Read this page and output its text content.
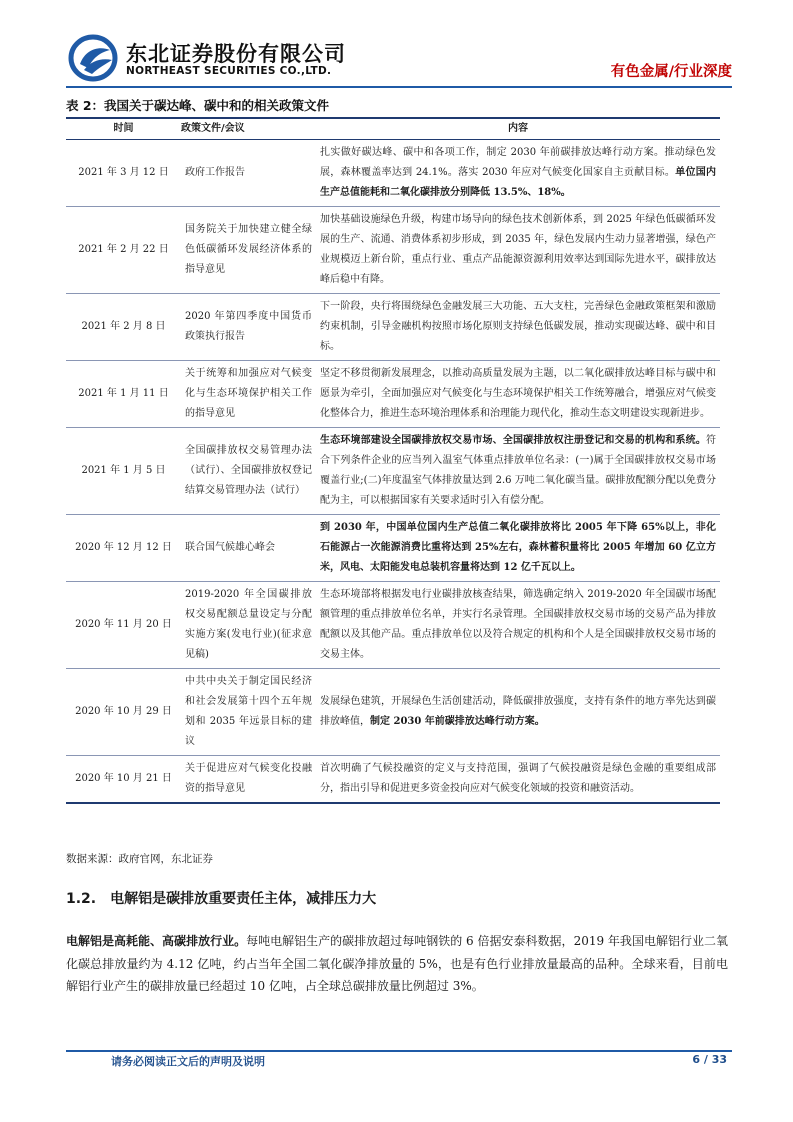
东北证券股份有限公司
NORTHEAST SECURITIES CO.,LTD.	有色金属/行业深度
表 2：我国关于碳达峰、碳中和的相关政策文件
时间	政策文件/会议	内容
2021 年 3 月 12 日	政府工作报告	扎实做好碳达峰、碳中和各项工作，制定 2030 年前碳排放达峰行动方案。推动绿色发展，森林覆盖率达到 24.1%。落实 2030 年应对气候变化国家自主贡献目标。单位国内生产总值能耗和二氧化碳排放分别降低 13.5%、18%。
2021 年 2 月 22 日	国务院关于加快建立健全绿色低碳循环发展经济体系的指导意见	加快基础设施绿色升级，构建市场导向的绿色技术创新体系，到 2025 年绿色低碳循环发展的生产、流通、消费体系初步形成，到 2035 年，绿色发展内生动力显著增强，绿色产业规模迈上新台阶，重点行业、重点产品能源资源利用效率达到国际先进水平，碳排放达峰后稳中有降。
2021 年 2 月 8 日	2020 年第四季度中国货币政策执行报告	下一阶段，央行将围绕绿色金融发展三大功能、五大支柱，完善绿色金融政策框架和激励约束机制，引导金融机构按照市场化原则支持绿色低碳发展，推动实现碳达峰、碳中和目标。
2021 年 1 月 11 日	关于统筹和加强应对气候变化与生态环境保护相关工作的指导意见	坚定不移贯彻新发展理念，以推动高质量发展为主题，以二氧化碳排放达峰目标与碳中和愿景为牵引，全面加强应对气候变化与生态环境保护相关工作统筹融合，增强应对气候变化整体合力，推进生态环境治理体系和治理能力现代化，推动生态文明建设实现新进步。
2021 年 1 月 5 日	全国碳排放权交易管理办法（试行）、全国碳排放权登记结算交易管理办法（试行）	生态环境部建设全国碳排放权交易市场、全国碳排放权注册登记和交易的机构和系统。符合下列条件企业的应当列入温室气体重点排放单位名录：(一)属于全国碳排放权交易市场覆盖行业;(二)年度温室气体排放量达到 2.6 万吨二氧化碳当量。碳排放配额分配以免费分配为主，可以根据国家有关要求适时引入有偿分配。
2020 年 12 月 12 日	联合国气候雄心峰会	到 2030 年，中国单位国内生产总值二氧化碳排放将比 2005 年下降 65%以上，非化石能源占一次能源消费比重将达到 25%左右，森林蓄积量将比 2005 年增加 60 亿立方米，风电、太阳能发电总装机容量将达到 12 亿千瓦以上。
2020 年 11 月 20 日	2019-2020 年全国碳排放权交易配额总量设定与分配实施方案(发电行业)(征求意见稿)	生态环境部将根据发电行业碳排放核查结果，筛选确定纳入 2019-2020 年全国碳市场配额管理的重点排放单位名单，并实行名录管理。全国碳排放权交易市场的交易产品为排放配额以及其他产品。重点排放单位以及符合规定的机构和个人是全国碳排放权交易市场的交易主体。
2020 年 10 月 29 日	中共中央关于制定国民经济和社会发展第十四个五年规划和 2035 年远景目标的建议	发展绿色建筑，开展绿色生活创建活动，降低碳排放强度，支持有条件的地方率先达到碳排放峰值，制定 2030 年前碳排放达峰行动方案。
2020 年 10 月 21 日	关于促进应对气候变化投融资的指导意见	首次明确了气候投融资的定义与支持范围，强调了气候投融资是绿色金融的重要组成部分，指出引导和促进更多资金投向应对气候变化领域的投资和融资活动。
数据来源：政府官网，东北证券
1.2. 电解铝是碳排放重要责任主体，减排压力大

电解铝是高耗能、高碳排放行业。每吨电解铝生产的碳排放超过每吨钢铁的 6 倍据安泰科数据，2019 年我国电解铝行业二氧化碳总排放量约为 4.12 亿吨，约占当年全国二氧化碳净排放量的 5%，也是有色行业排放量最高的品种。全球来看，目前电解铝行业产生的碳排放量已经超过 10 亿吨，占全球总碳排放量比例超过 3%。

请务必阅读正文后的声明及说明	6 / 33
